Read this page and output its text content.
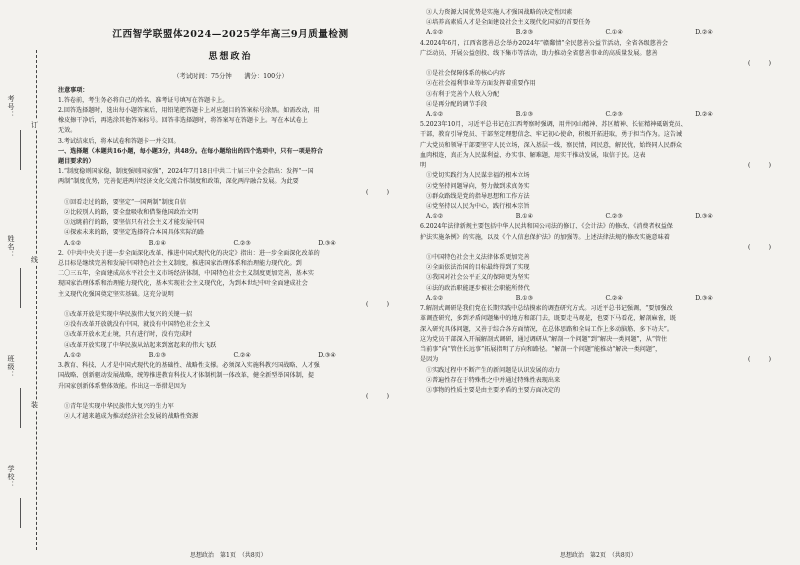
订
线
装
考号：
姓名：
班级：
学校：
江西智学联盟体2024—2025学年高三9月质量检测
思想政治
（考试时间：75分钟　　满分：100分）

注意事项：

1.答卷前，考生务必将自己的姓名、准考证号填写在答题卡上。

2.回答选择题时，选出每小题答案后，用铅笔把答题卡上对应题目的答案标号涂黑。如需改动，用

橡皮擦干净后，再选涂其他答案标号。回答非选择题时，将答案写在答题卡上。写在本试卷上

无效。

3.考试结束后，将本试卷和答题卡一并交回。

一、选择题（本题共16小题，每小题3分，共48分。在每小题给出的四个选项中，只有一项是符合

题目要求的）

1.“制度稳则国家稳，制度强则国家强”，2024年7月18日中共二十届三中全会指出：发挥“一国

两制”制度优势，完善促进两岸经济文化交流合作制度和政策，深化两岸融合发展。为此要

(　　　)

①回看走过的路，要坚定“一国两制”制度自信

②比较别人的路，要全盘吸收和借鉴他国政治文明

③远眺前行的路，要坚信只有社会主义才能发展中国

④探索未来的路，要坚定选择符合本国具体实际的路

A.①②	B.①④	C.②③	D.③④

2.《中共中央关于进一步全面深化改革、推进中国式现代化的决定》指出：进一步全面深化改革的

总目标是继续完善和发展中国特色社会主义制度，推进国家治理体系和治理能力现代化。到

二〇三五年，全面建成高水平社会主义市场经济体制，中国特色社会主义制度更加完善，基本实

现国家治理体系和治理能力现代化，基本实现社会主义现代化，为到本世纪中叶全面建成社会

主义现代化强国奠定坚实基础。这充分说明

(　　　)

①改革开放是实现中华民族伟大复兴的关键一招

②没有改革开放就没有中国，就没有中国特色社会主义

③改革开放永无止境，只有进行时，没有完成时

④改革开放实现了中华民族从站起来到富起来的伟大飞跃

A.①②	B.①③	C.②④	D.③④

3.教育、科技、人才是中国式现代化的基础性、战略性支撑。必须深入实施科教兴国战略、人才强

国战略、创新驱动发展战略，统筹推进教育科技人才体制机制一体改革，健全新型举国体制，提

升国家创新体系整体效能。作出这一举措是因为

(　　　)

①青年是实现中华民族伟大复兴的生力军

②人才越来越成为推动经济社会发展的战略性资源

思想政治　第1页　（共8页）

③人力资源大国优势是实施人才强国战略的决定性因素

④培养高素质人才是全面建设社会主义现代化国家的首要任务

A.①②	B.②③	C.①④	D.②④

4.2024年6月，江西省慈善总会举办2024年“赣鄱情”全民慈善公益节活动，全省各级慈善会

广泛动员、开展公益创投、线下集市等活动，助力推动全省慈善事业的高质量发展。慈善

(　　　)

①是社会保障体系的核心内容

②在社会福利事业等方面发挥着重要作用

③有利于完善个人收入分配

④是再分配的调节手段

A.①②	B.①③	C.②③	D.②④

5.2023年10月，习近平总书记在江西考察时强调，用井冈山精神、苏区精神、长征精神砥砺党员、

干部，教育引导党员、干部坚定理想信念、牢记初心使命，积极开拓进取，勇于担当作为。这告诫

广大党员和领导干部要坚守人民立场，深入基层一线，察民情，问民意，解民忧，始终同人民群众

血肉相连，真正为人民谋利益、办实事、解难题，用实干推动发展，取信于民。这表

明	(　　　)

①党切实践行为人民谋幸福的根本立场

②党坚持问题导向，努力做到求真务实

③群众路线是党的指导思想和工作方法

④党坚持以人民为中心，践行根本宗旨

A.①②	B.①④	C.②③	D.③④

6.2024年法律新规主要包括中华人民共和国公司法的修订、《会计法》的修改、《消费者权益保

护法实施条例》的实施，以及《个人信息保护法》的加强等。上述法律法规的修改实施意味着

(　　　)

①中国特色社会主义法律体系更加完善

②全面依法治国的目标最终得到了实现

③我国对社会公平正义的保障更为坚实

④法的政治职能逐步被社会职能所替代

A.①②	B.①③	C.②④	D.③④

7.解剖式调研是我们党在长期实践中总结摸索的调查研究方式。习近平总书记强调，“要加强改

革调查研究，多到矛盾问题集中的地方和部门去，既要走马观花，也要下马看花，解剖麻雀，既

深入研究具体问题，又善于综合各方面情况，在总体思路和全局工作上多动脑筋、多下功夫”。

这为党员干部深入开展解剖式调研，通过调研从“解剖一个问题”到“解决一类问题”，从“管住

当前事”向“管住长远事”拓展指明了方向和路径。“解剖一个问题”能推动“解决一类问题”，

是因为	(　　　)

①实践过程中不断产生的新问题是认识发展的动力

②普遍性存在于特殊性之中并通过特殊性表现出来

③事物的性质主要是由主要矛盾的主要方面决定的

思想政治　第2页　（共8页）
